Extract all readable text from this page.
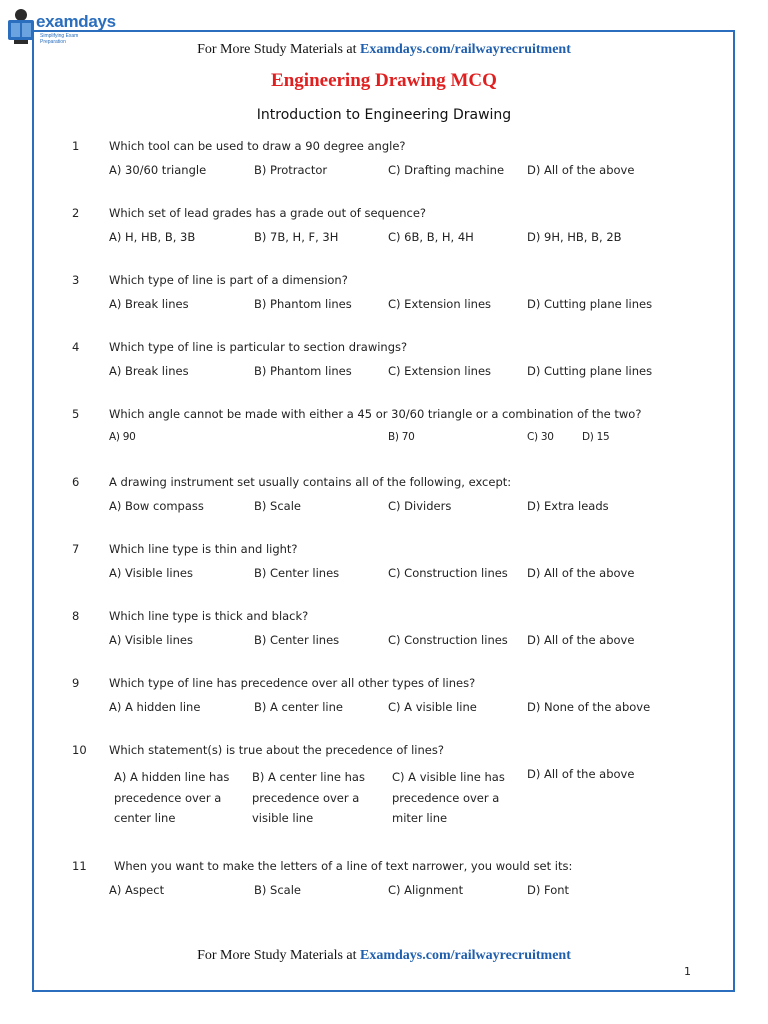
examdays
Simplifying Exam Preparation	For More Study Materials at Examdays.com/railwayrecruitment
Engineering Drawing MCQ
Introduction to Engineering Drawing
1	Which tool can be used to draw a 90 degree angle?
A) 30/60 triangle	B) Protractor	C) Drafting machine D) All of the above
2	Which set of lead grades has a grade out of sequence?
A) H, HB, B, 3B	B) 7B, H, F, 3H	C) 6B, B, H, 4H	D) 9H, HB, B, 2B
3	Which type of line is part of a dimension?
A) Break lines	B) Phantom lines	C) Extension lines	D) Cutting plane lines
4	Which type of line is particular to section drawings?
A) Break lines	B) Phantom lines	C) Extension lines	D) Cutting plane lines
5	Which angle cannot be made with either a 45 or 30/60 triangle or a combination of the two?
A) 90	B) 70	C) 30	D) 15
6	A drawing instrument set usually contains all of the following, except:
A) Bow compass	B) Scale	C) Dividers	D) Extra leads
7	Which line type is thin and light?
A) Visible lines	B) Center lines	C) Construction lines D) All of the above
8	Which line type is thick and black?
A) Visible lines	B) Center lines	C) Construction lines D) All of the above
9	Which type of line has precedence over all other types of lines?
A) A hidden line	B) A center line	C) A visible line	D) None of the above
10 Which statement(s) is true about the precedence of lines?
A) A hidden line has precedence over a center line
B) A center line has precedence over a visible line
C) A visible line has precedence over a miter line
D) All of the above
11 When you want to make the letters of a line of text narrower, you would set its:
A) Aspect	B) Scale	C) Alignment	D) Font
For More Study Materials at Examdays.com/railwayrecruitment
1
